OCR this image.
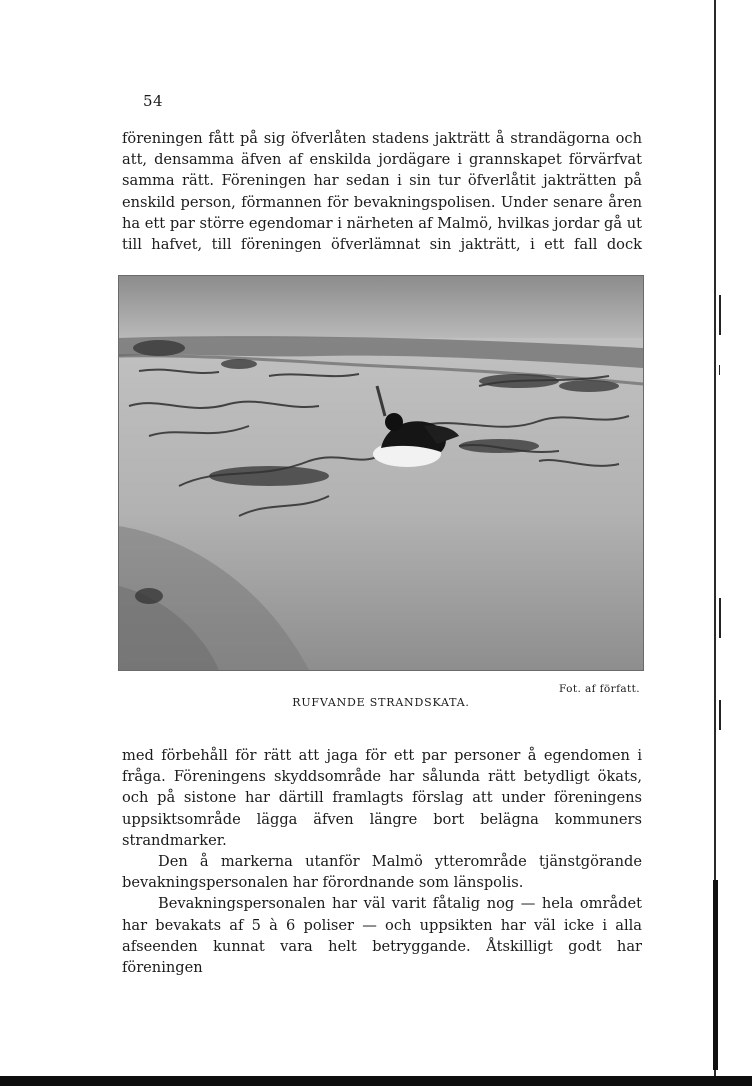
54

föreningen fått på sig öfverlåten stadens jakträtt å strandägorna och att, densamma äfven af enskilda jordägare i grannskapet förvärfvat samma rätt. Föreningen har sedan i sin tur öfverlåtit jakträtten på enskild person, förmannen för bevakningspolisen. Under senare åren ha ett par större egendomar i närheten af Malmö, hvilkas jordar gå ut till hafvet, till föreningen öfverlämnat sin jakträtt, i ett fall dock

Fot. af författ.
RUFVANDE STRANDSKATA.

med förbehåll för rätt att jaga för ett par personer å egendomen i fråga. Föreningens skyddsområde har sålunda rätt betydligt ökats, och på sistone har därtill framlagts förslag att under föreningens uppsiktsområde lägga äfven längre bort belägna kommuners strandmarker.

Den å markerna utanför Malmö ytterområde tjänstgörande bevakningspersonalen har förordnande som länspolis.

Bevakningspersonalen har väl varit fåtalig nog — hela området har bevakats af 5 à 6 poliser — och uppsikten har väl icke i alla afseenden kunnat vara helt betryggande. Åtskilligt godt har föreningen
